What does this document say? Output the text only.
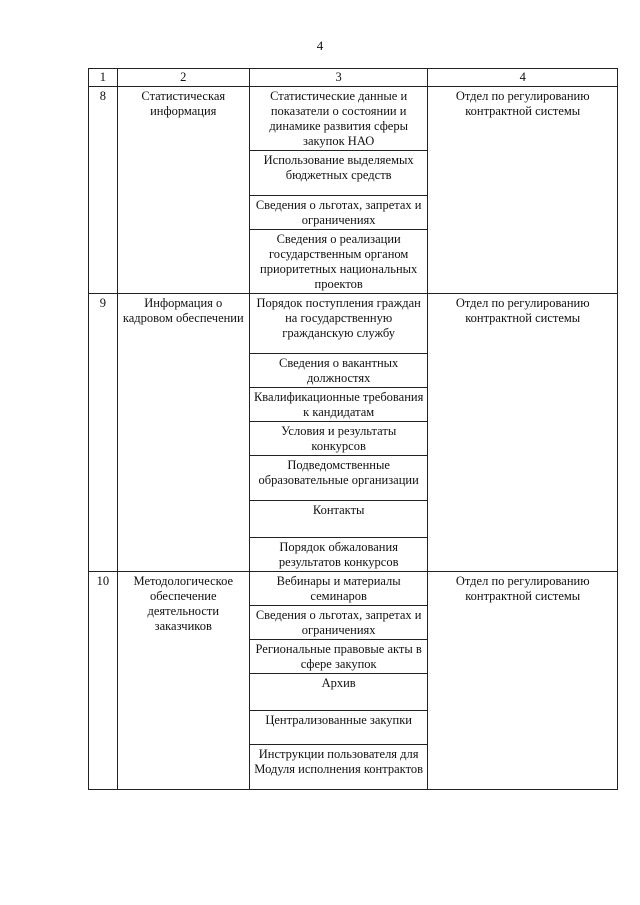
4
1	2	3	4
8	Статистическая информация	Статистические данные и показатели о состоянии и динамике развития сферы закупок НАО	Отдел по регулированию контрактной системы
		Использование выделяемых бюджетных средств	
		Сведения о льготах, запретах и ограничениях	
		Сведения о реализации государственным органом приоритетных национальных проектов	
9	Информация о кадровом обеспечении	Порядок поступления граждан на государственную гражданскую службу	Отдел по регулированию контрактной системы
		Сведения о вакантных должностях	
		Квалификационные требования к кандидатам	
		Условия и результаты конкурсов	
		Подведомственные образовательные организации	
		Контакты	
		Порядок обжалования результатов конкурсов	
10	Методологическое обеспечение деятельности заказчиков	Вебинары и материалы семинаров	Отдел по регулированию контрактной системы
		Сведения о льготах, запретах и ограничениях	
		Региональные правовые акты в сфере закупок	
		Архив	
		Централизованные закупки	
		Инструкции пользователя для Модуля исполнения контрактов	
